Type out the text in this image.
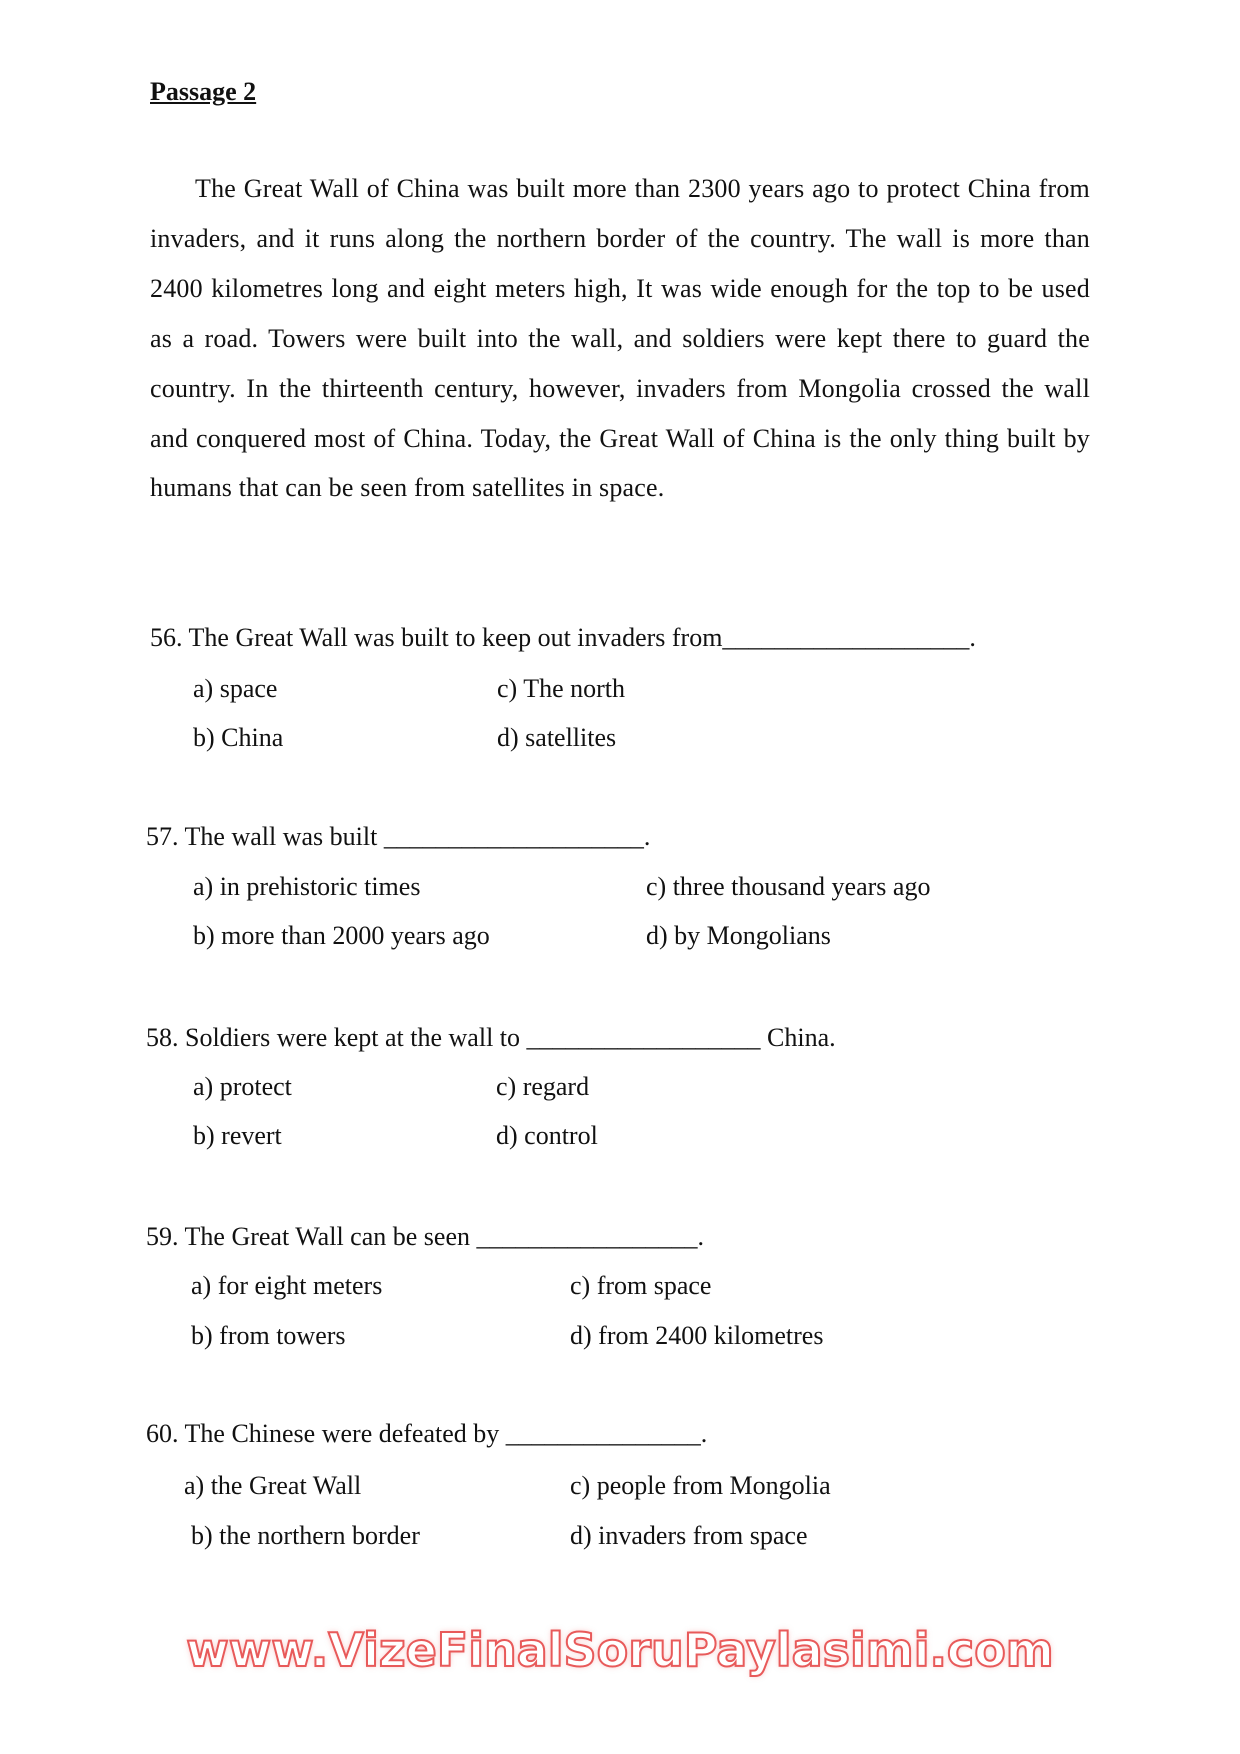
Passage 2
The Great Wall of China was built more than 2300 years ago to protect China from invaders, and it runs along the northern border of the country. The wall is more than 2400 kilometres long and eight meters high, It was wide enough for the top to be used as a road. Towers were built into the wall, and soldiers were kept there to guard the country. In the thirteenth century, however, invaders from Mongolia crossed the wall and conquered most of China. Today, the Great Wall of China is the only thing built by humans that can be seen from satellites in space.
56. The Great Wall was built to keep out invaders from___________________.
a) space
b) China
c) The north
d) satellites
57. The wall was built ____________________.
a) in prehistoric times
b) more than 2000 years ago
c) three thousand years ago
d) by Mongolians
58. Soldiers were kept at the wall to __________________ China.
a) protect
b) revert
c) regard
d) control
59. The Great Wall can be seen _________________.
a) for eight meters
b) from towers
c) from space
d) from 2400 kilometres
60. The Chinese were defeated by _______________.
a) the Great Wall
b) the northern border
c) people from Mongolia
d) invaders from space
www.VizeFinalSoruPaylasimi.com
